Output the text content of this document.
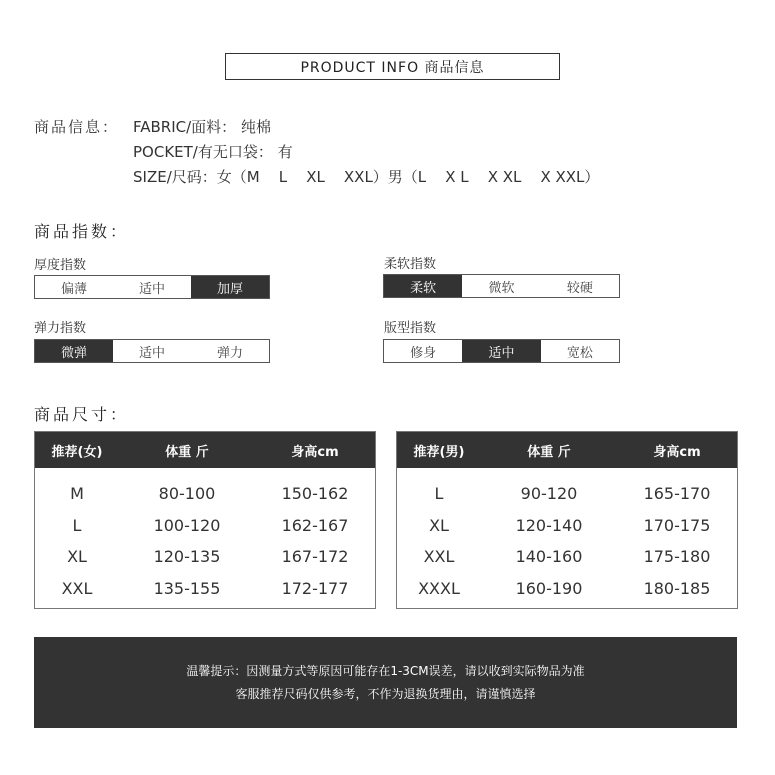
PRODUCT INFO 商品信息
商品信息： FABRIC/面料： 纯棉
POCKET/有无口袋： 有
SIZE/尺码：女（M    L    XL    XXL）男（L    X L    X XL    X XXL）
商品指数：
厚度指数
偏薄	适中	加厚
柔软指数
柔软	微软	较硬
弹力指数
微弹	适中	弹力
版型指数
修身	适中	宽松
商品尺寸：
推荐(女)	体重 斤	身高cm
M	80-100	150-162
L	100-120	162-167
XL	120-135	167-172
XXL	135-155	172-177
推荐(男)	体重 斤	身高cm
L	90-120	165-170
XL	120-140	170-175
XXL	140-160	175-180
XXXL	160-190	180-185
温馨提示：因测量方式等原因可能存在1-3CM误差，请以收到实际物品为准
客服推荐尺码仅供参考，不作为退换货理由，请谨慎选择
